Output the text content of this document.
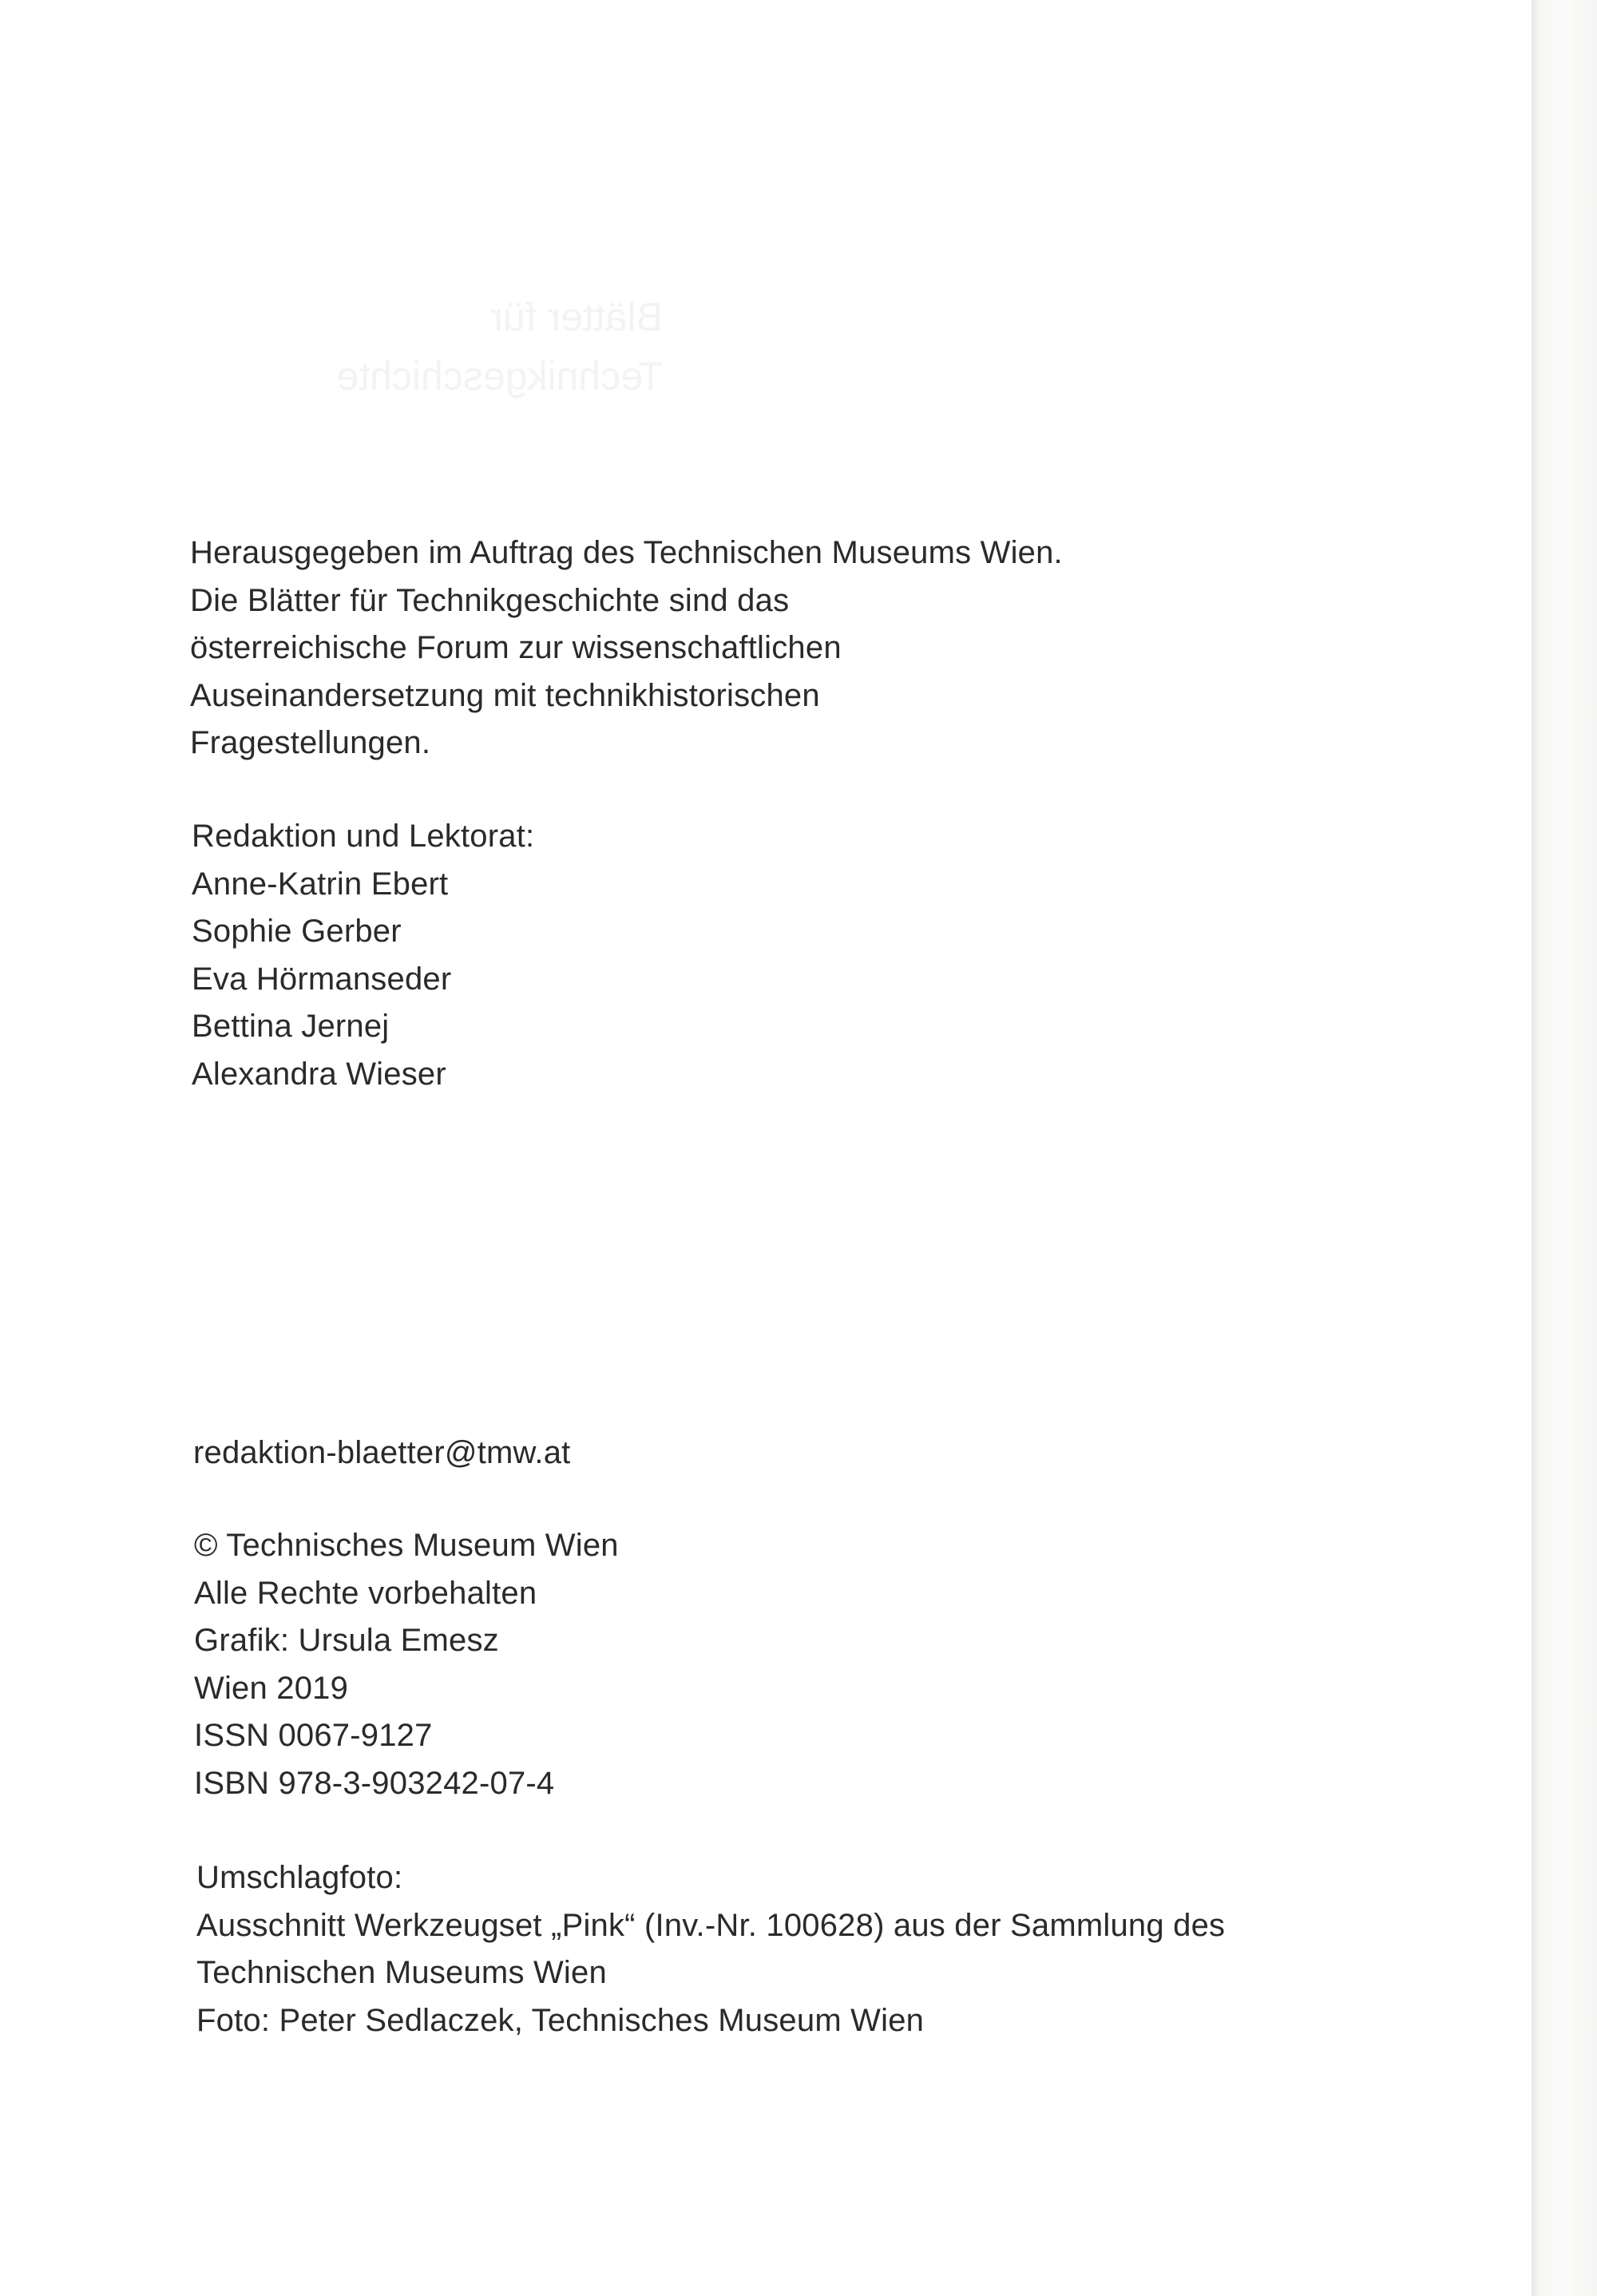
Blätter für
Technikgeschichte
Herausgegeben im Auftrag des Technischen Museums Wien.
Die Blätter für Technikgeschichte sind das
österreichische Forum zur wissenschaftlichen
Auseinandersetzung mit technikhistorischen
Fragestellungen.
Redaktion und Lektorat:
Anne-Katrin Ebert
Sophie Gerber
Eva Hörmanseder
Bettina Jernej
Alexandra Wieser
redaktion-blaetter@tmw.at
© Technisches Museum Wien
Alle Rechte vorbehalten
Grafik: Ursula Emesz
Wien 2019
ISSN 0067-9127
ISBN 978-3-903242-07-4
Umschlagfoto:
Ausschnitt Werkzeugset „Pink“ (Inv.-Nr. 100628) aus der Sammlung des
Technischen Museums Wien
Foto: Peter Sedlaczek, Technisches Museum Wien
